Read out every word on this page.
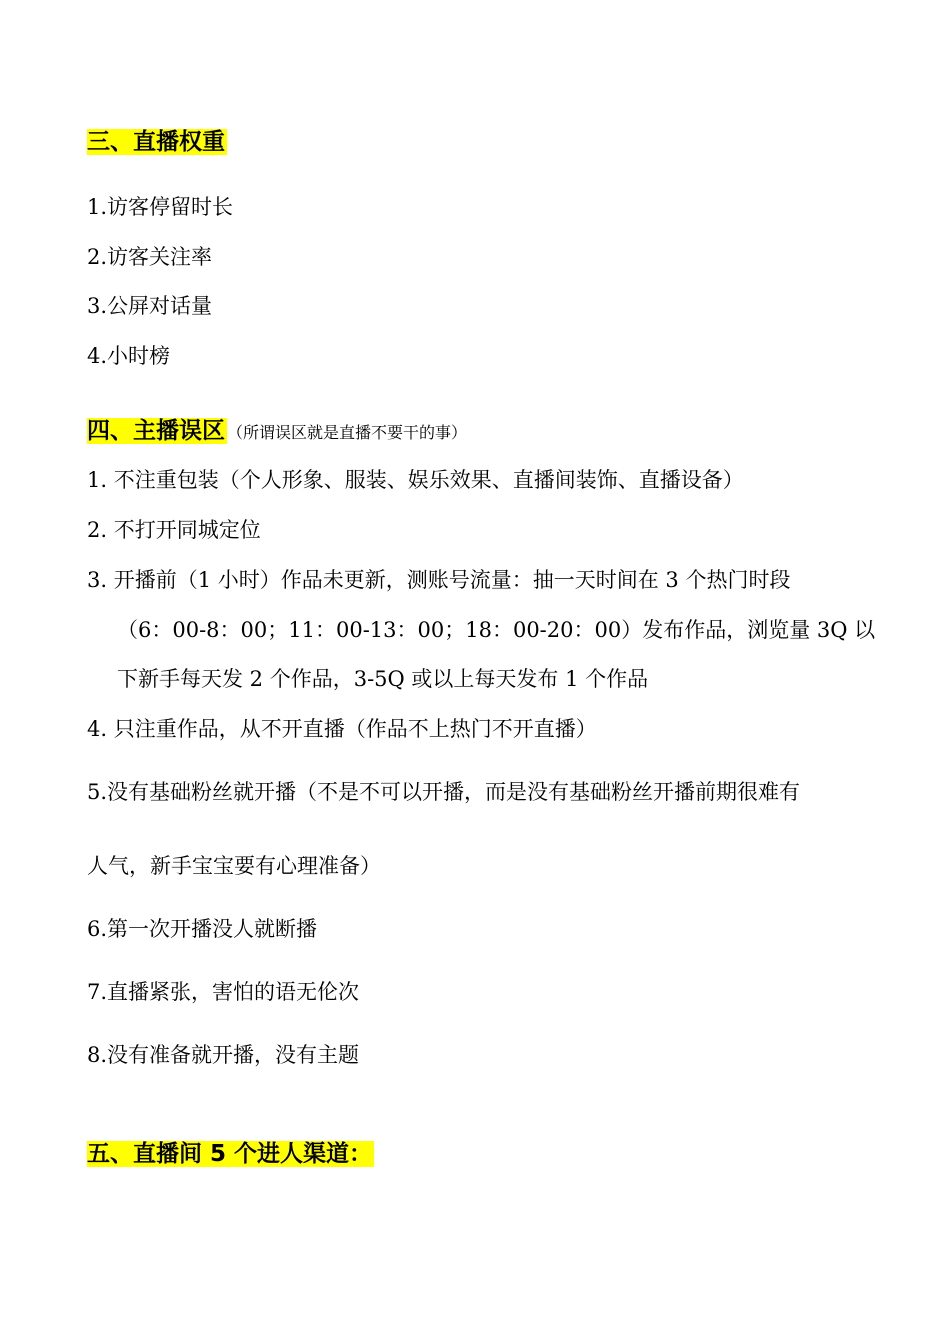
三、直播权重
1.访客停留时长
2.访客关注率
3.公屏对话量
4.小时榜
四、主播误区 （所谓误区就是直播不要干的事）
1. 不注重包装（个人形象、服装、娱乐效果、直播间装饰、直播设备）
2. 不打开同城定位
3. 开播前（1 小时）作品未更新，测账号流量：抽一天时间在 3 个热门时段
（6：00-8：00；11：00-13：00；18：00-20：00）发布作品，浏览量 3Q 以
下新手每天发 2 个作品，3-5Q 或以上每天发布 1 个作品
4. 只注重作品，从不开直播（作品不上热门不开直播）
5.没有基础粉丝就开播（不是不可以开播，而是没有基础粉丝开播前期很难有
人气，新手宝宝要有心理准备）
6.第一次开播没人就断播
7.直播紧张，害怕的语无伦次
8.没有准备就开播，没有主题
五、直播间 5 个进人渠道：
